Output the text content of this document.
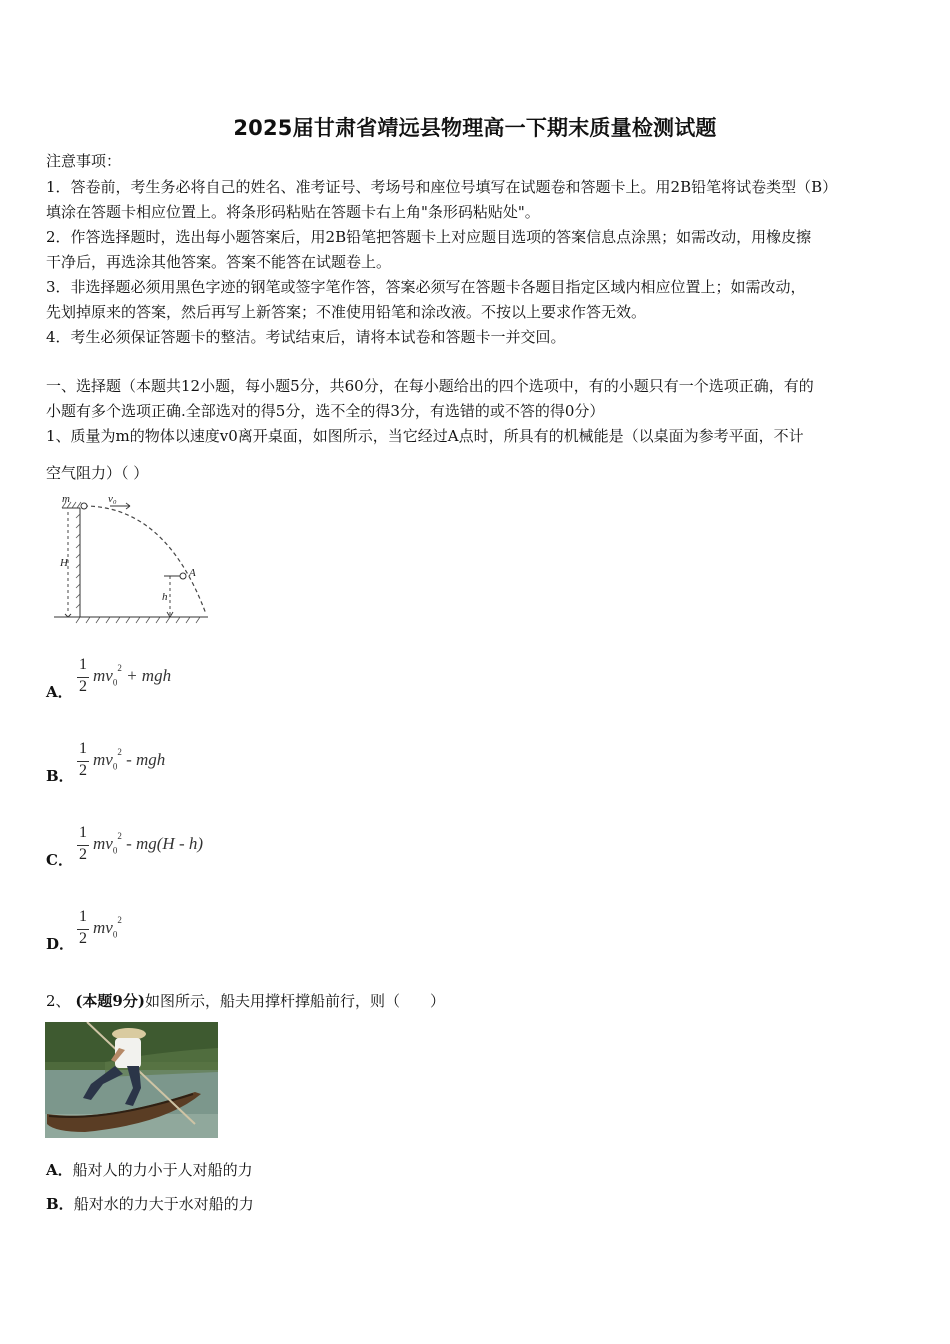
2025届甘肃省靖远县物理高一下期末质量检测试题
注意事项：
1．答卷前，考生务必将自己的姓名、准考证号、考场号和座位号填写在试题卷和答题卡上。用2B铅笔将试卷类型（B）
填涂在答题卡相应位置上。将条形码粘贴在答题卡右上角"条形码粘贴处"。
2．作答选择题时，选出每小题答案后，用2B铅笔把答题卡上对应题目选项的答案信息点涂黑；如需改动，用橡皮擦
干净后，再选涂其他答案。答案不能答在试题卷上。
3．非选择题必须用黑色字迹的钢笔或签字笔作答，答案必须写在答题卡各题目指定区域内相应位置上；如需改动，
先划掉原来的答案，然后再写上新答案；不准使用铅笔和涂改液。不按以上要求作答无效。
4．考生必须保证答题卡的整洁。考试结束后，请将本试卷和答题卡一并交回。
一、选择题（本题共12小题，每小题5分，共60分，在每小题给出的四个选项中，有的小题只有一个选项正确，有的
小题有多个选项正确.全部选对的得5分，选不全的得3分，有选错的或不答的得0分）
1、质量为m的物体以速度v0离开桌面，如图所示，当它经过A点时，所具有的机械能是（以桌面为参考平面，不计
空气阻力）（ ）
m	v₀
H
h
A
A．
1
2
$mv_0^2$ + mgh
B．
1
2
$mv_0^2$ - mgh
C．
1
2
$mv_0^2 - mg(H - h)$
D．
1
2
$mv_0^2$
2、 (本题9分)如图所示，船夫用撑杆撑船前行，则（　　）
A．船对人的力小于人对船的力
B．船对水的力大于水对船的力
